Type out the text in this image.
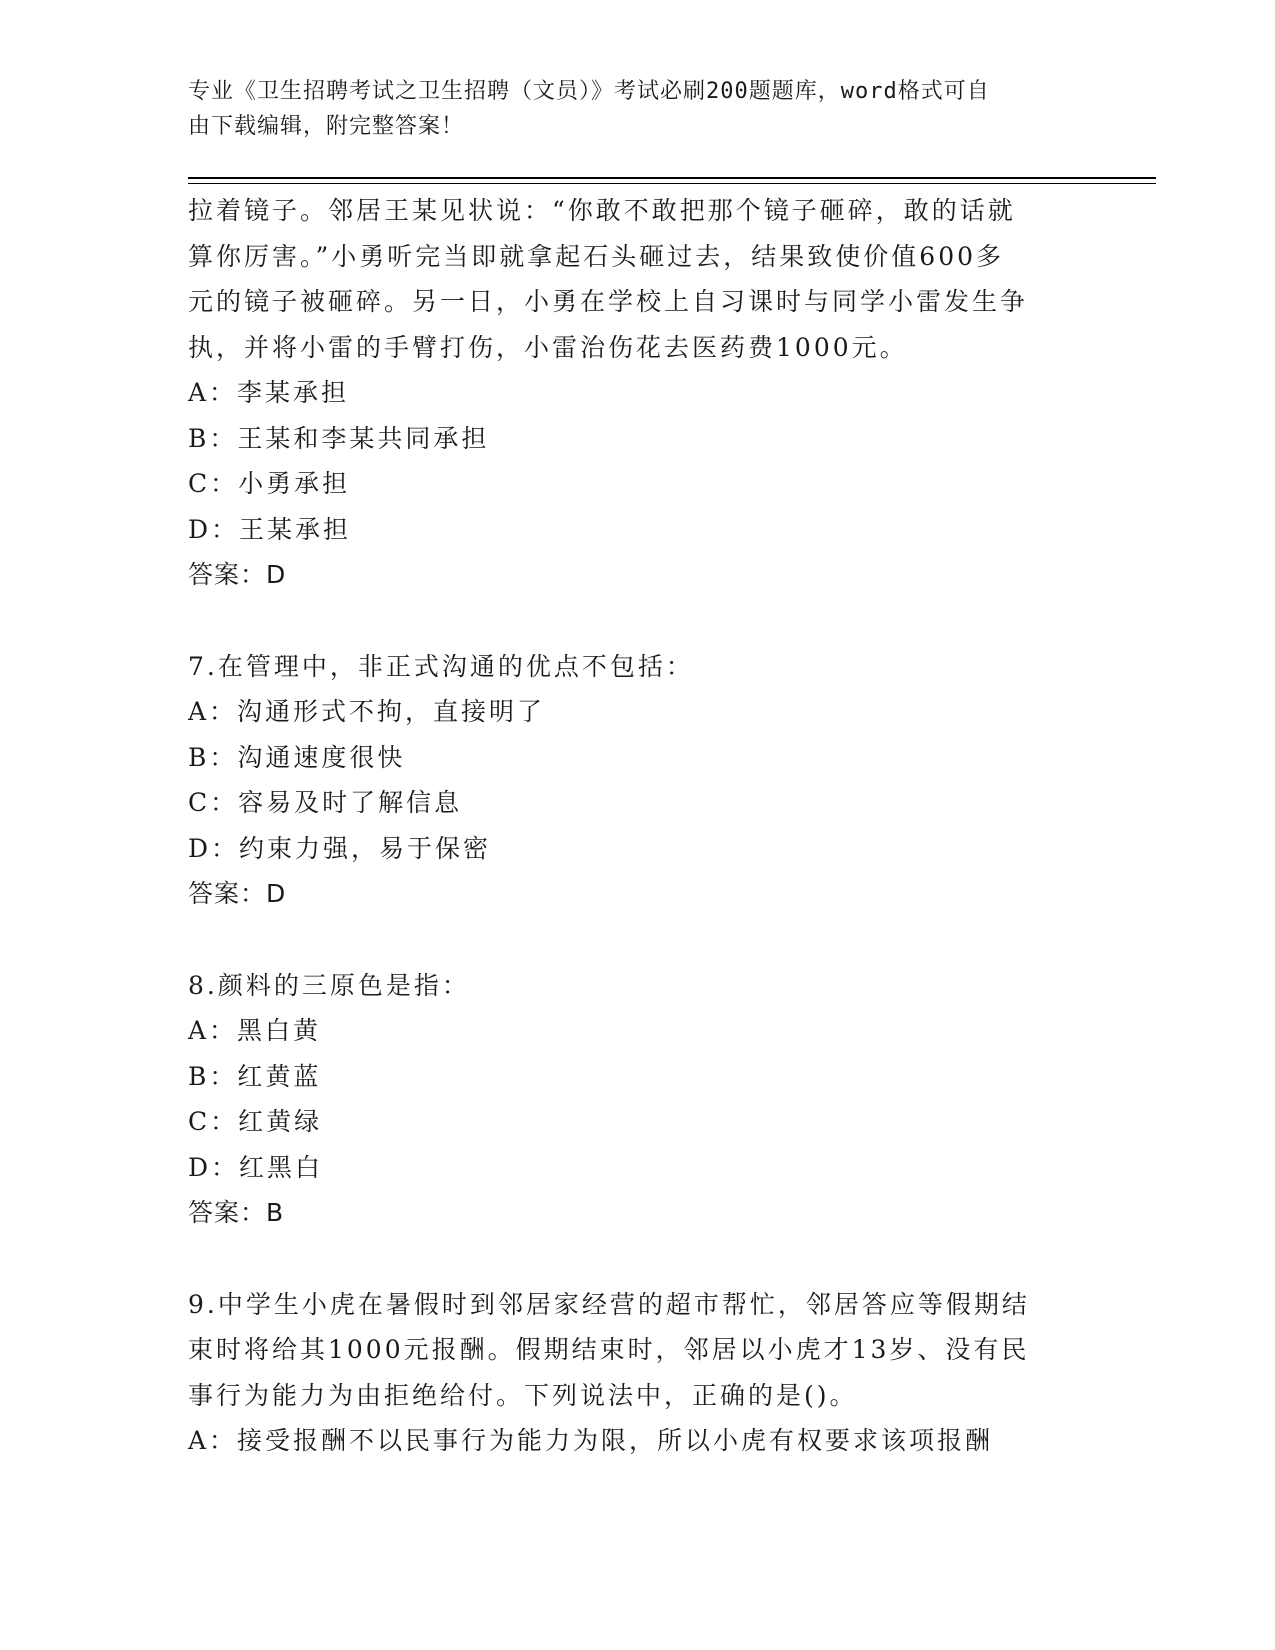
专业《卫生招聘考试之卫生招聘（文员）》考试必刷200题题库，word格式可自
由下载编辑，附完整答案！
拉着镜子。邻居王某见状说：“你敢不敢把那个镜子砸碎，敢的话就
算你厉害。”小勇听完当即就拿起石头砸过去，结果致使价值600多
元的镜子被砸碎。另一日，小勇在学校上自习课时与同学小雷发生争
执，并将小雷的手臂打伤，小雷治伤花去医药费1000元。
A：李某承担
B：王某和李某共同承担
C：小勇承担
D：王某承担
答案：D
7.在管理中，非正式沟通的优点不包括：
A：沟通形式不拘，直接明了
B：沟通速度很快
C：容易及时了解信息
D：约束力强，易于保密
答案：D
8.颜料的三原色是指：
A：黑白黄
B：红黄蓝
C：红黄绿
D：红黑白
答案：B
9.中学生小虎在暑假时到邻居家经营的超市帮忙，邻居答应等假期结
束时将给其1000元报酬。假期结束时，邻居以小虎才13岁、没有民
事行为能力为由拒绝给付。下列说法中，正确的是()。
A：接受报酬不以民事行为能力为限，所以小虎有权要求该项报酬
